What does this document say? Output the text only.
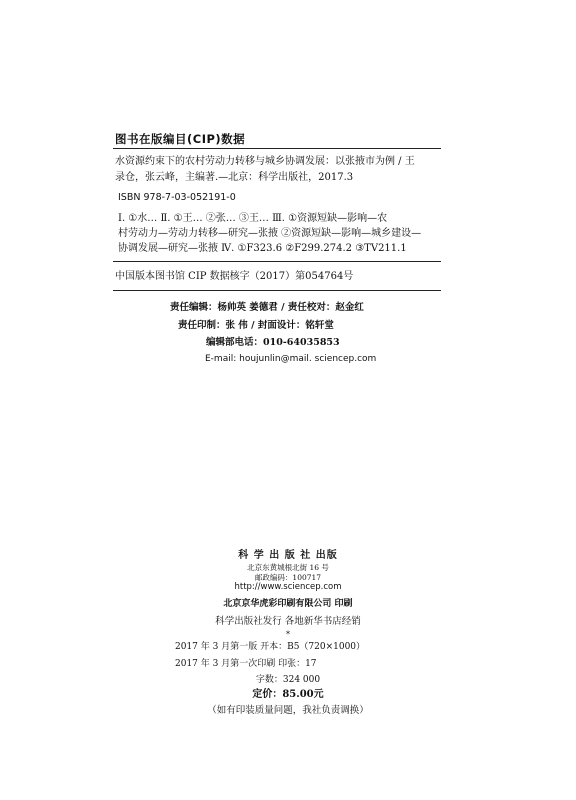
图书在版编目(CIP)数据
水资源约束下的农村劳动力转移与城乡协调发展：以张掖市为例 / 王
录仓，张云峰，主编著.—北京：科学出版社，2017.3
ISBN 978-7-03-052191-0
Ⅰ. ①水… Ⅱ. ①王… ②张… ③王… Ⅲ. ①资源短缺—影响—农
村劳动力—劳动力转移—研究—张掖 ②资源短缺—影响—城乡建设—
协调发展—研究—张掖 Ⅳ. ①F323.6 ②F299.274.2 ③TV211.1
中国版本图书馆 CIP 数据核字（2017）第054764号
责任编辑：杨帅英 姜德君 / 责任校对：赵金红
责任印制：张 伟 / 封面设计：铭轩堂
编辑部电话：010-64035853
E-mail: houjunlin@mail. sciencep.com
科 学 出 版 社 出版
北京东黄城根北街 16 号
邮政编码：100717
http://www.sciencep.com
北京京华虎彩印刷有限公司 印刷
科学出版社发行 各地新华书店经销
*
2017 年 3 月第一版 开本：B5（720×1000）
2017 年 3 月第一次印刷 印张：17
字数：324 000
定价：85.00元
（如有印装质量问题，我社负责调换）
